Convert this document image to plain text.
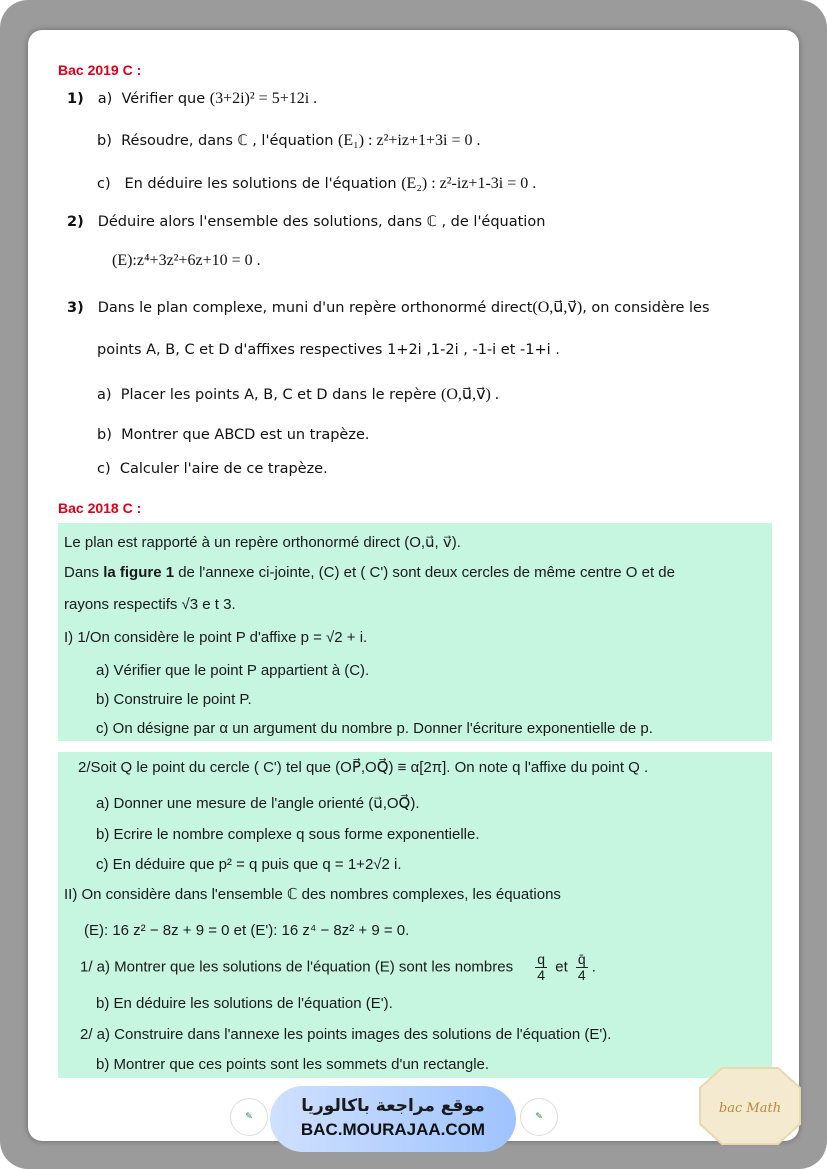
Bac 2019 C :
1) a) Vérifier que (3+2i)² = 5+12i .
b) Résoudre, dans ℂ , l'équation (E₁) : z²+iz+1+3i = 0 .
c) En déduire les solutions de l'équation (E₂) : z²-iz+1-3i = 0 .
2) Déduire alors l'ensemble des solutions, dans ℂ , de l'équation
(E):z⁴+3z²+6z+10 = 0 .
3) Dans le plan complexe, muni d'un repère orthonormé direct(O,u⃗,v⃗), on considère les
points A, B, C et D d'affixes respectives 1+2i ,1-2i , -1-i et -1+i .
a) Placer les points A, B, C et D dans le repère (O,u⃗,v⃗) .
b) Montrer que ABCD est un trapèze.
c) Calculer l'aire de ce trapèze.
Bac 2018 C :
Le plan est rapporté à un repère orthonormé direct (O,u⃗, v⃗).
Dans la figure 1 de l'annexe ci-jointe, (C) et ( C') sont deux cercles de même centre O et de
rayons respectifs √3 e t 3.
I) 1/On considère le point P d'affixe p = √2 + i.
a) Vérifier que le point P appartient à (C).
b) Construire le point P.
c) On désigne par α un argument du nombre p. Donner l'écriture exponentielle de p.
2/Soit Q le point du cercle ( C') tel que (OP⃗,OQ⃗) ≡ α[2π]. On note q l'affixe du point Q .
a) Donner une mesure de l'angle orienté (u⃗,OQ⃗).
b) Ecrire le nombre complexe q sous forme exponentielle.
c) En déduire que p² = q puis que q = 1+2√2 i.
II) On considère dans l'ensemble ℂ des nombres complexes, les équations
(E): 16 z² − 8z + 9 = 0 et (E'): 16 z⁴ − 8z² + 9 = 0.
1/ a) Montrer que les solutions de l'équation (E) sont les nombres $\frac{q}{4}$ et $\frac{q̄}{4}$ .
b) En déduire les solutions de l'équation (E').
2/ a) Construire dans l'annexe les points images des solutions de l'équation (E').
b) Montrer que ces points sont les sommets d'un rectangle.
✎	✎
موقع مراجعة باكالوريا
BAC.MOURAJAA.COM
bac Math
